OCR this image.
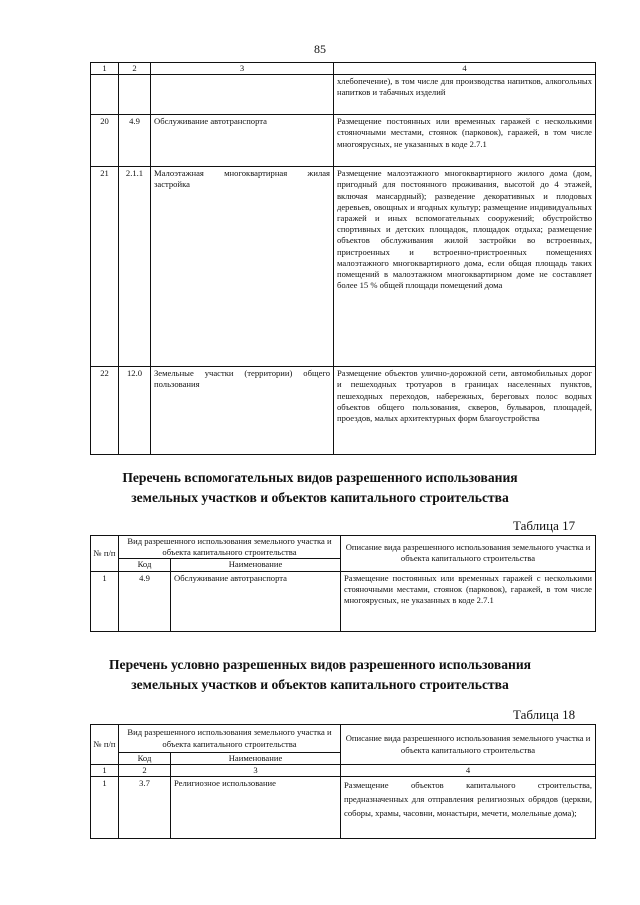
85
1	2	3	4
			хлебопечение), в том числе для производства напитков, алкогольных напитков и табачных изделий
20	4.9	Обслуживание автотранспорта	Размещение постоянных или временных гаражей с несколькими стояночными местами, стоянок (парковок), гаражей, в том числе многоярусных, не указанных в коде 2.7.1
21	2.1.1	Малоэтажная многоквартирная жилая застройка	Размещение малоэтажного многоквартирного жилого дома (дом, пригодный для постоянного проживания, высотой до 4 этажей, включая мансардный); разведение декоративных и плодовых деревьев, овощных и ягодных культур; размещение индивидуальных гаражей и иных вспомогательных сооружений; обустройство спортивных и детских площадок, площадок отдыха; размещение объектов обслуживания жилой застройки во встроенных, пристроенных и встроенно-пристроенных помещениях малоэтажного многоквартирного дома, если общая площадь таких помещений в малоэтажном многоквартирном доме не составляет более 15 % общей площади помещений дома
22	12.0	Земельные участки (территории) общего пользования	Размещение объектов улично-дорожной сети, автомобильных дорог и пешеходных тротуаров в границах населенных пунктов, пешеходных переходов, набережных, береговых полос водных объектов общего пользования, скверов, бульваров, площадей, проездов, малых архитектурных форм благоустройства
Перечень вспомогательных видов разрешенного использования
земельных участков и объектов капитального строительства
Таблица 17
№ п/п	Вид разрешенного использования земельного участка и объекта капитального строительства		Описание вида разрешенного использования земельного участка и объекта капитального строительства
	Код	Наименование	
1	4.9	Обслуживание автотранспорта	Размещение постоянных или временных гаражей с несколькими стояночными местами, стоянок (парковок), гаражей, в том числе многоярусных, не указанных в коде 2.7.1
Перечень условно разрешенных видов разрешенного использования
земельных участков и объектов капитального строительства
Таблица 18
№ п/п	Вид разрешенного использования земельного участка и объекта капитального строительства		Описание вида разрешенного использования земельного участка и объекта капитального строительства
	Код	Наименование	
1	2	3	4
1	3.7	Религиозное использование	Размещение объектов капитального строительства, предназначенных для отправления религиозных обрядов (церкви, соборы, храмы, часовни, монастыри, мечети, молельные дома);
